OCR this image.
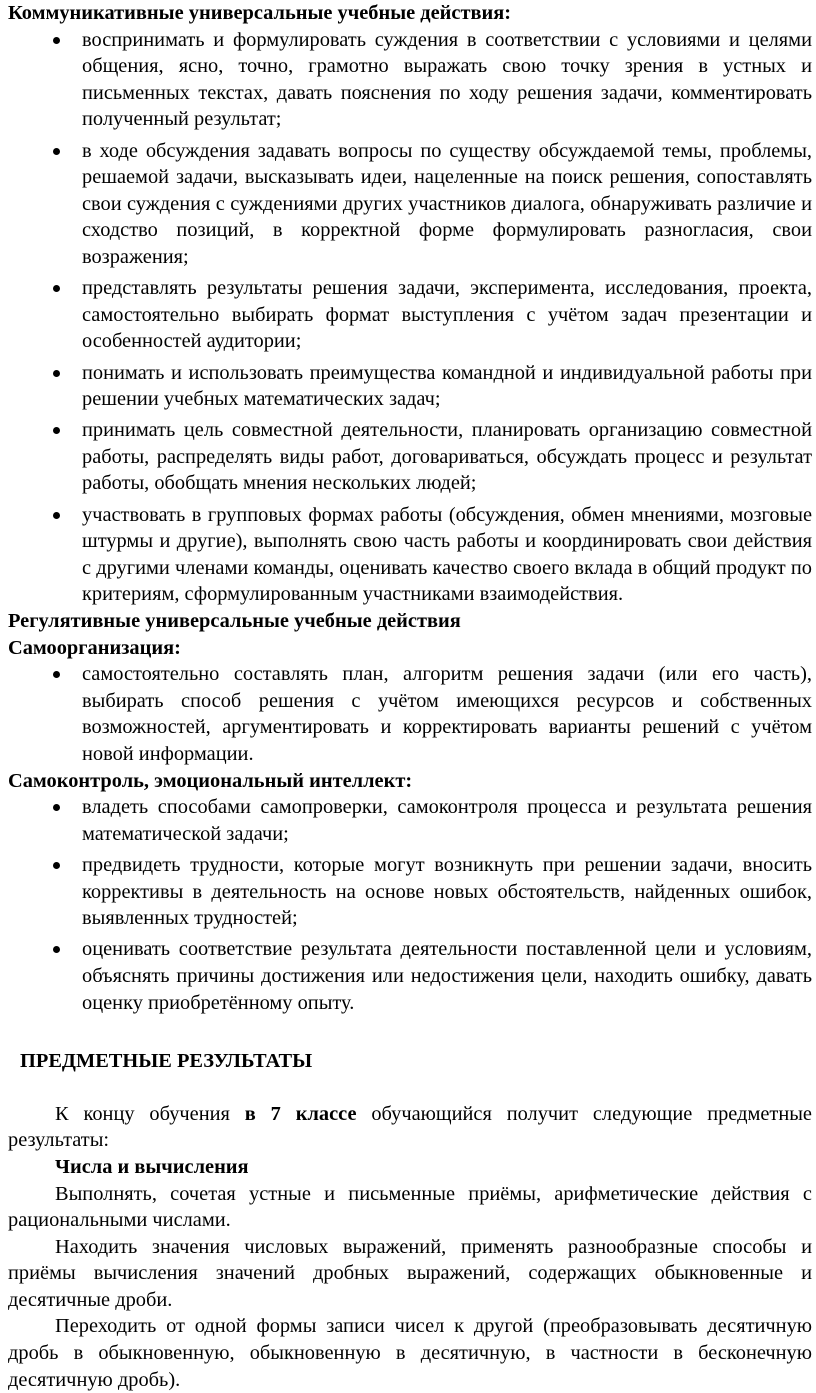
Коммуникативные универсальные учебные действия:

воспринимать и формулировать суждения в соответствии с условиями и целями общения, ясно, точно, грамотно выражать свою точку зрения в устных и письменных текстах, давать пояснения по ходу решения задачи, комментировать полученный результат;
в ходе обсуждения задавать вопросы по существу обсуждаемой темы, проблемы, решаемой задачи, высказывать идеи, нацеленные на поиск решения, сопоставлять свои суждения с суждениями других участников диалога, обнаруживать различие и сходство позиций, в корректной форме формулировать разногласия, свои возражения;
представлять результаты решения задачи, эксперимента, исследования, проекта, самостоятельно выбирать формат выступления с учётом задач презентации и особенностей аудитории;
понимать и использовать преимущества командной и индивидуальной работы при решении учебных математических задач;
принимать цель совместной деятельности, планировать организацию совместной работы, распределять виды работ, договариваться, обсуждать процесс и результат работы, обобщать мнения нескольких людей;
участвовать в групповых формах работы (обсуждения, обмен мнениями, мозговые штурмы и другие), выполнять свою часть работы и координировать свои действия с другими членами команды, оценивать качество своего вклада в общий продукт по критериям, сформулированным участниками взаимодействия.

Регулятивные универсальные учебные действия

Самоорганизация:

самостоятельно составлять план, алгоритм решения задачи (или его часть), выбирать способ решения с учётом имеющихся ресурсов и собственных возможностей, аргументировать и корректировать варианты решений с учётом новой информации.

Самоконтроль, эмоциональный интеллект:

владеть способами самопроверки, самоконтроля процесса и результата решения математической задачи;
предвидеть трудности, которые могут возникнуть при решении задачи, вносить коррективы в деятельность на основе новых обстоятельств, найденных ошибок, выявленных трудностей;
оценивать соответствие результата деятельности поставленной цели и условиям, объяснять причины достижения или недостижения цели, находить ошибку, давать оценку приобретённому опыту.

ПРЕДМЕТНЫЕ РЕЗУЛЬТАТЫ

К концу обучения в 7 классе обучающийся получит следующие предметные результаты:

Числа и вычисления

Выполнять, сочетая устные и письменные приёмы, арифметические действия с рациональными числами.

Находить значения числовых выражений, применять разнообразные способы и приёмы вычисления значений дробных выражений, содержащих обыкновенные и десятичные дроби.

Переходить от одной формы записи чисел к другой (преобразовывать десятичную дробь в обыкновенную, обыкновенную в десятичную, в частности в бесконечную десятичную дробь).
